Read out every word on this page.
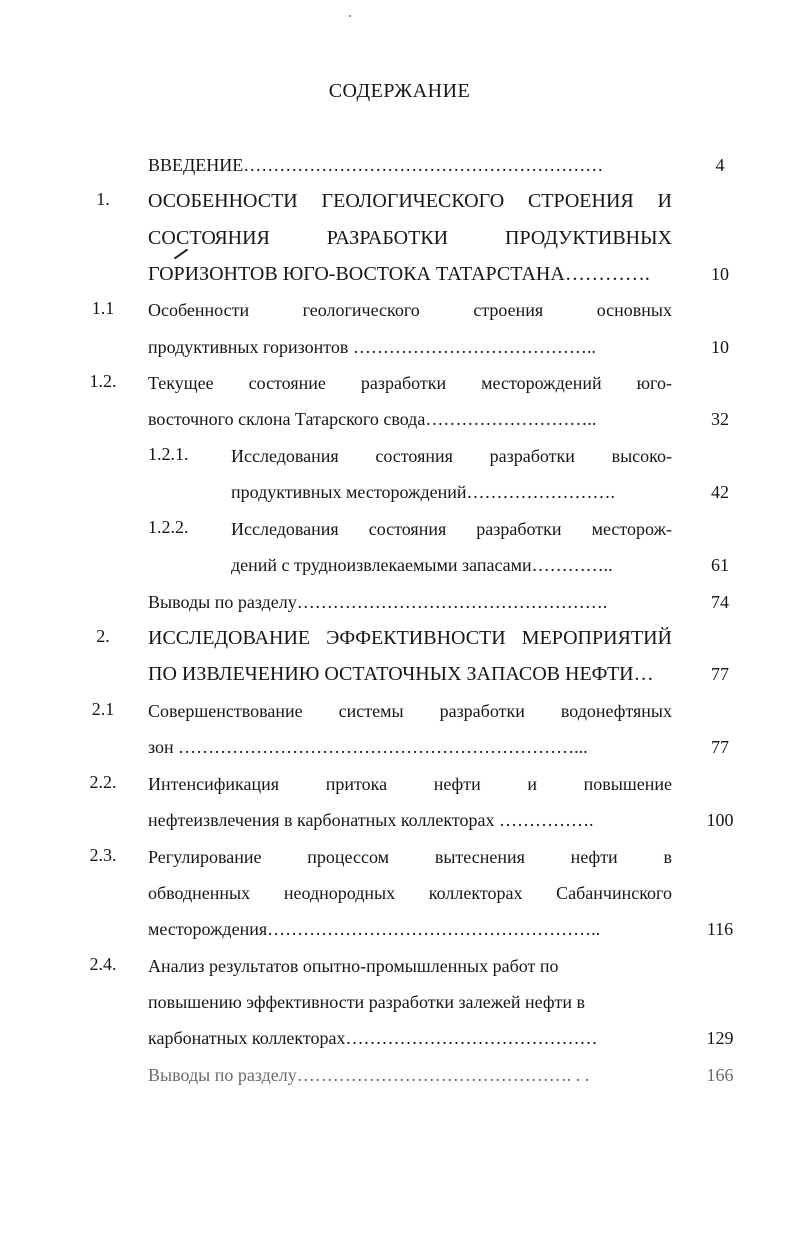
СОДЕРЖАНИЕ
ВВЕДЕНИЕ……………………………………………………	4
1.	ОСОБЕННОСТИ ГЕОЛОГИЧЕСКОГО СТРОЕНИЯ И
СОСТОЯНИЯ РАЗРАБОТКИ ПРОДУКТИВНЫХ
ГОРИЗОНТОВ ЮГО-ВОСТОКА ТАТАРСТАНА………….	10
1.1	Особенности геологического строения основных
продуктивных горизонтов …………………………………..	10
1.2.	Текущее состояние разработки месторождений юго-
восточного склона Татарского свода………………………..	32
1.2.1.	Исследования состояния разработки высоко-
продуктивных месторождений…………………….	42
1.2.2.	Исследования состояния разработки месторож-
дений с трудноизвлекаемыми запасами…………..	61
Выводы по разделу…………………………………………….	74
2.	ИССЛЕДОВАНИЕ ЭФФЕКТИВНОСТИ МЕРОПРИЯТИЙ
ПО ИЗВЛЕЧЕНИЮ ОСТАТОЧНЫХ ЗАПАСОВ НЕФТИ…	77
2.1	Совершенствование системы разработки водонефтяных
зон …………………………………………………………...	77
2.2.	Интенсификация притока нефти и повышение
нефтеизвлечения в карбонатных коллекторах …………….	100
2.3.	Регулирование процессом вытеснения нефти в
обводненных неоднородных коллекторах Сабанчинского
месторождения………………………………………………..	116
2.4.	Анализ результатов опытно-промышленных работ по
повышению эффективности разработки залежей нефти в
карбонатных коллекторах……………………………………	129
Выводы по разделу………………………………………. . .	166
